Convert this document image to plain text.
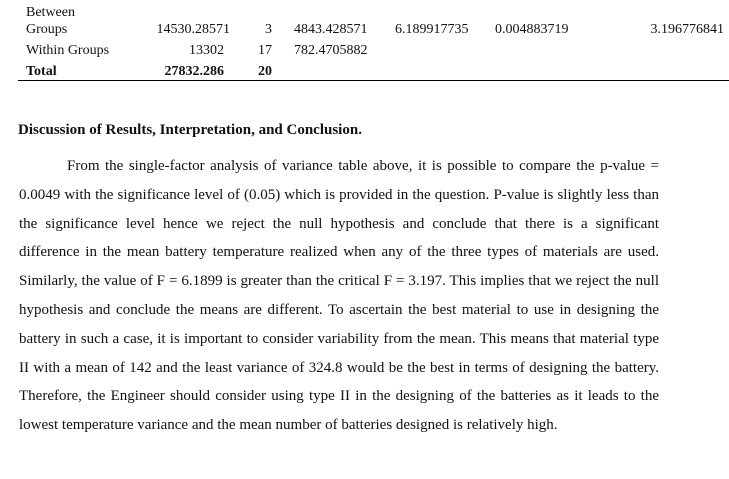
Between
Groups	14530.28571	3 4843.428571 6.189917735 0.004883719	3.196776841
Within Groups	13302	17 782.4705882
Total	27832.286	20
Discussion of Results, Interpretation, and Conclusion.

From the single-factor analysis of variance table above, it is possible to compare the p-value = 0.0049 with the significance level of (0.05) which is provided in the question. P-value is slightly less than the significance level hence we reject the null hypothesis and conclude that there is a significant difference in the mean battery temperature realized when any of the three types of materials are used. Similarly, the value of F = 6.1899 is greater than the critical F = 3.197. This implies that we reject the null hypothesis and conclude the means are different. To ascertain the best material to use in designing the battery in such a case, it is important to consider variability from the mean. This means that material type II with a mean of 142 and the least variance of 324.8 would be the best in terms of designing the battery. Therefore, the Engineer should consider using type II in the designing of the batteries as it leads to the lowest temperature variance and the mean number of batteries designed is relatively high.
